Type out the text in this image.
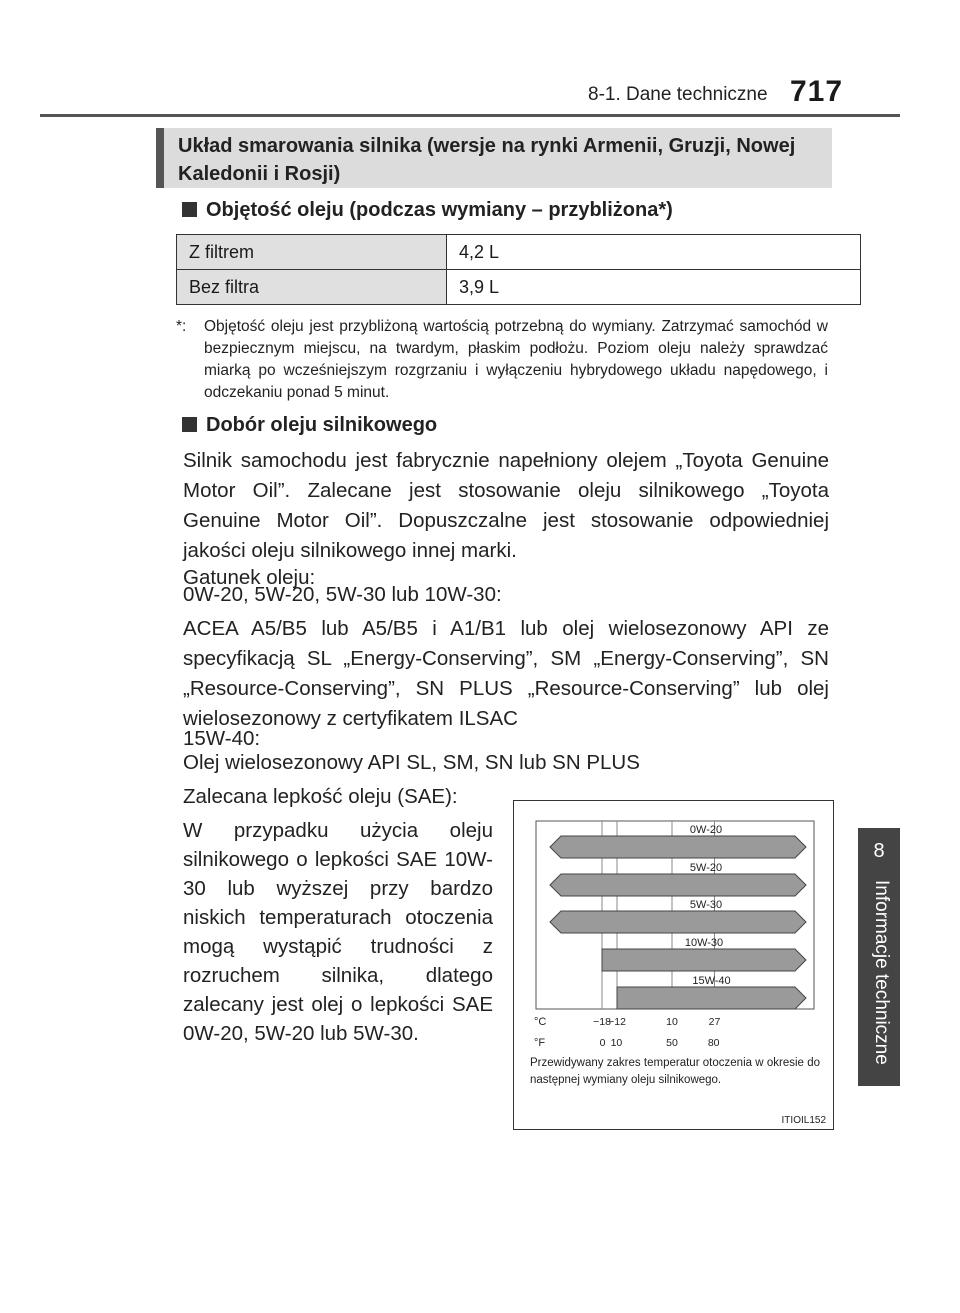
8-1. Dane techniczne 717
8
Informacje techniczne
Układ smarowania silnika (wersje na rynki Armenii, Gruzji, Nowej Kaledonii i Rosji)
Objętość oleju (podczas wymiany – przybliżona*)
Z filtrem	4,2 L
Bez filtra	3,9 L
*: Objętość oleju jest przybliżoną wartością potrzebną do wymiany. Zatrzymać samochód w bezpiecznym miejscu, na twardym, płaskim podłożu. Poziom oleju należy sprawdzać miarką po wcześniejszym rozgrzaniu i wyłączeniu hybrydowego układu napędowego, i odczekaniu ponad 5 minut.
Dobór oleju silnikowego
Silnik samochodu jest fabrycznie napełniony olejem „Toyota Genuine Motor Oil”. Zalecane jest stosowanie oleju silnikowego „Toyota Genuine Motor Oil”. Dopuszczalne jest stosowanie odpowiedniej jakości oleju silnikowego innej marki.
Gatunek oleju:
0W-20, 5W-20, 5W-30 lub 10W-30:
ACEA A5/B5 lub A5/B5 i A1/B1 lub olej wielosezonowy API ze specyfikacją SL „Energy-Conserving”, SM „Energy-Conserving”, SN „Resource-Conserving”, SN PLUS „Resource-Conserving” lub olej wielosezonowy z certyfikatem ILSAC
15W-40:
Olej wielosezonowy API SL, SM, SN lub SN PLUS
Zalecana lepkość oleju (SAE):
W przypadku użycia oleju silnikowego o lepkości SAE 10W-30 lub wyższej przy bardzo niskich temperaturach otoczenia mogą wystąpić trudności z rozruchem silnika, dlatego zalecany jest olej o lepkości SAE 0W-20, 5W-20 lub 5W-30.
0W-20
5W-20
5W-30
10W-30
15W-40
°C
°F
−18
−12	10	27
0 10	50	80
ITIOIL152
Przewidywany zakres temperatur otoczenia w okresie do następnej wymiany oleju silnikowego.
